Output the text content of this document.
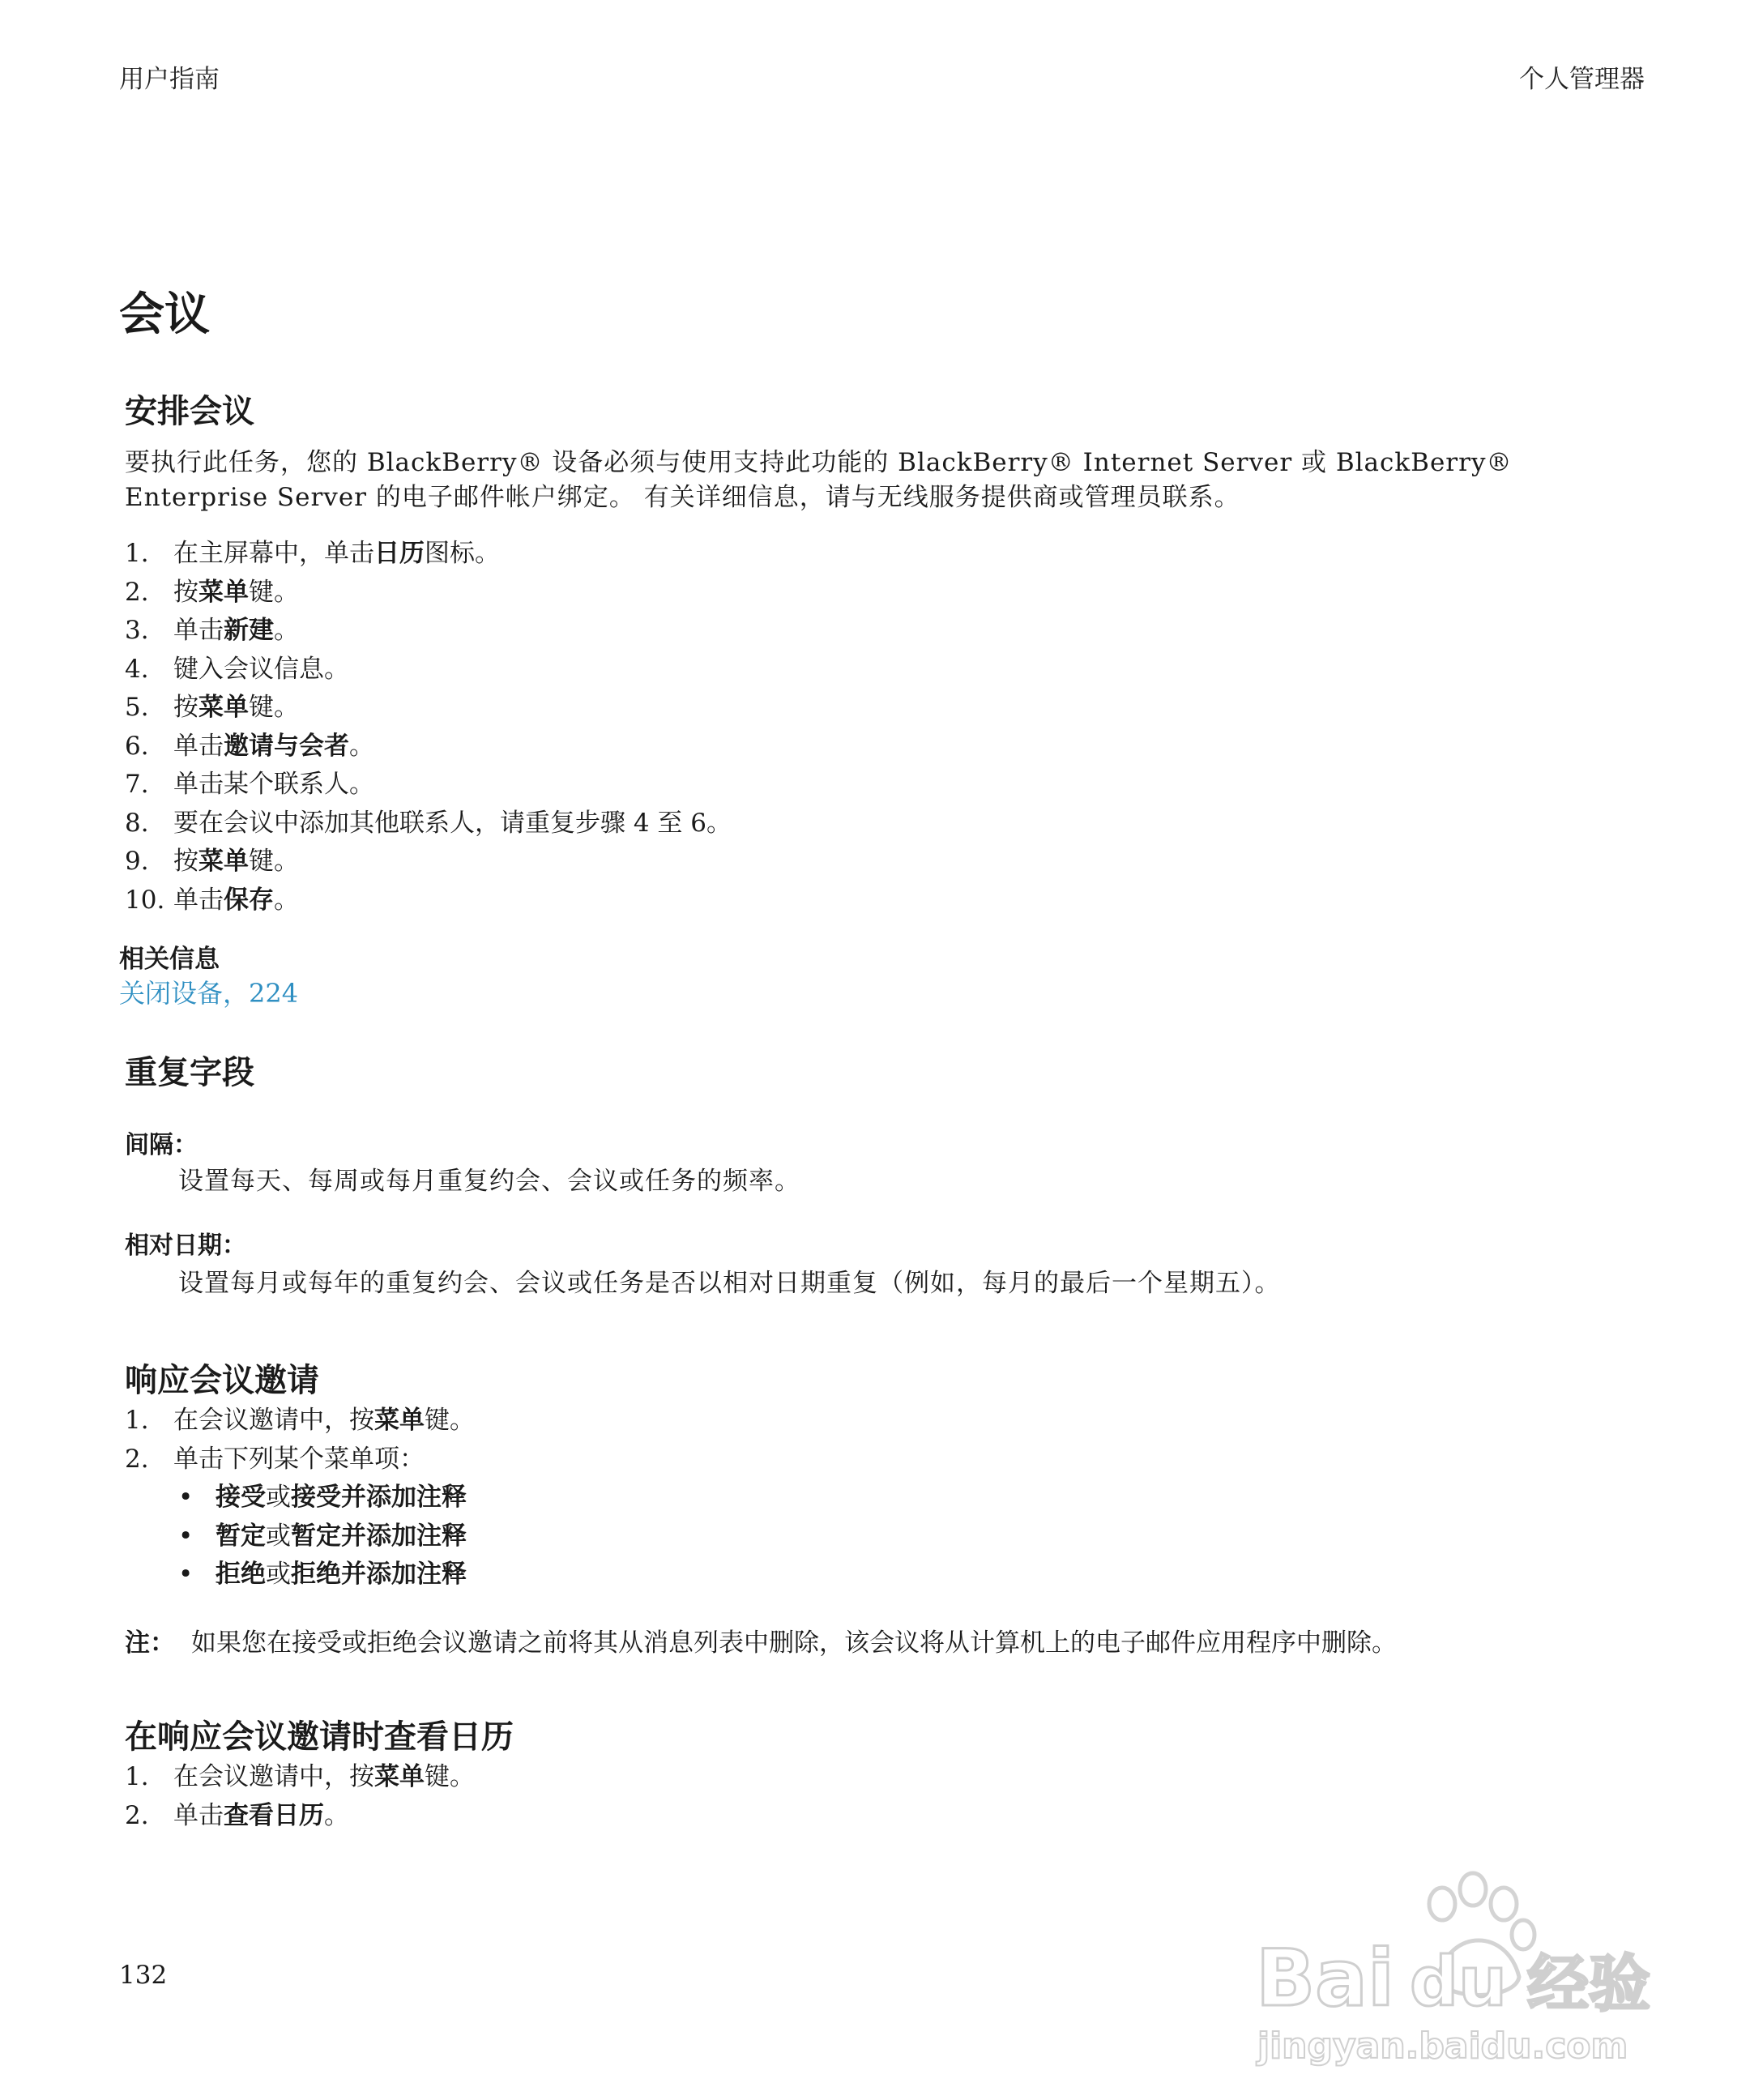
用户指南	个人管理器
会议
安排会议
要执行此任务，您的 BlackBerry® 设备必须与使用支持此功能的 BlackBerry® Internet Server 或 BlackBerry®
Enterprise Server 的电子邮件帐户绑定。 有关详细信息，请与无线服务提供商或管理员联系。
1. 在主屏幕中，单击日历图标。
2. 按菜单键。
3. 单击新建。
4. 键入会议信息。
5. 按菜单键。
6. 单击邀请与会者。
7. 单击某个联系人。
8. 要在会议中添加其他联系人，请重复步骤 4 至 6。
9. 按菜单键。
10. 单击保存。
相关信息
关闭设备，224
重复字段
间隔：
设置每天、每周或每月重复约会、会议或任务的频率。
相对日期：
设置每月或每年的重复约会、会议或任务是否以相对日期重复（例如，每月的最后一个星期五）。
响应会议邀请
1. 在会议邀请中，按菜单键。
2. 单击下列某个菜单项：
• 接受或接受并添加注释
• 暂定或暂定并添加注释
• 拒绝或拒绝并添加注释
注： 如果您在接受或拒绝会议邀请之前将其从消息列表中删除，该会议将从计算机上的电子邮件应用程序中删除。
在响应会议邀请时查看日历
1. 在会议邀请中，按菜单键。
2. 单击查看日历。
132	Bai du 经验
jingyan.baidu.com
